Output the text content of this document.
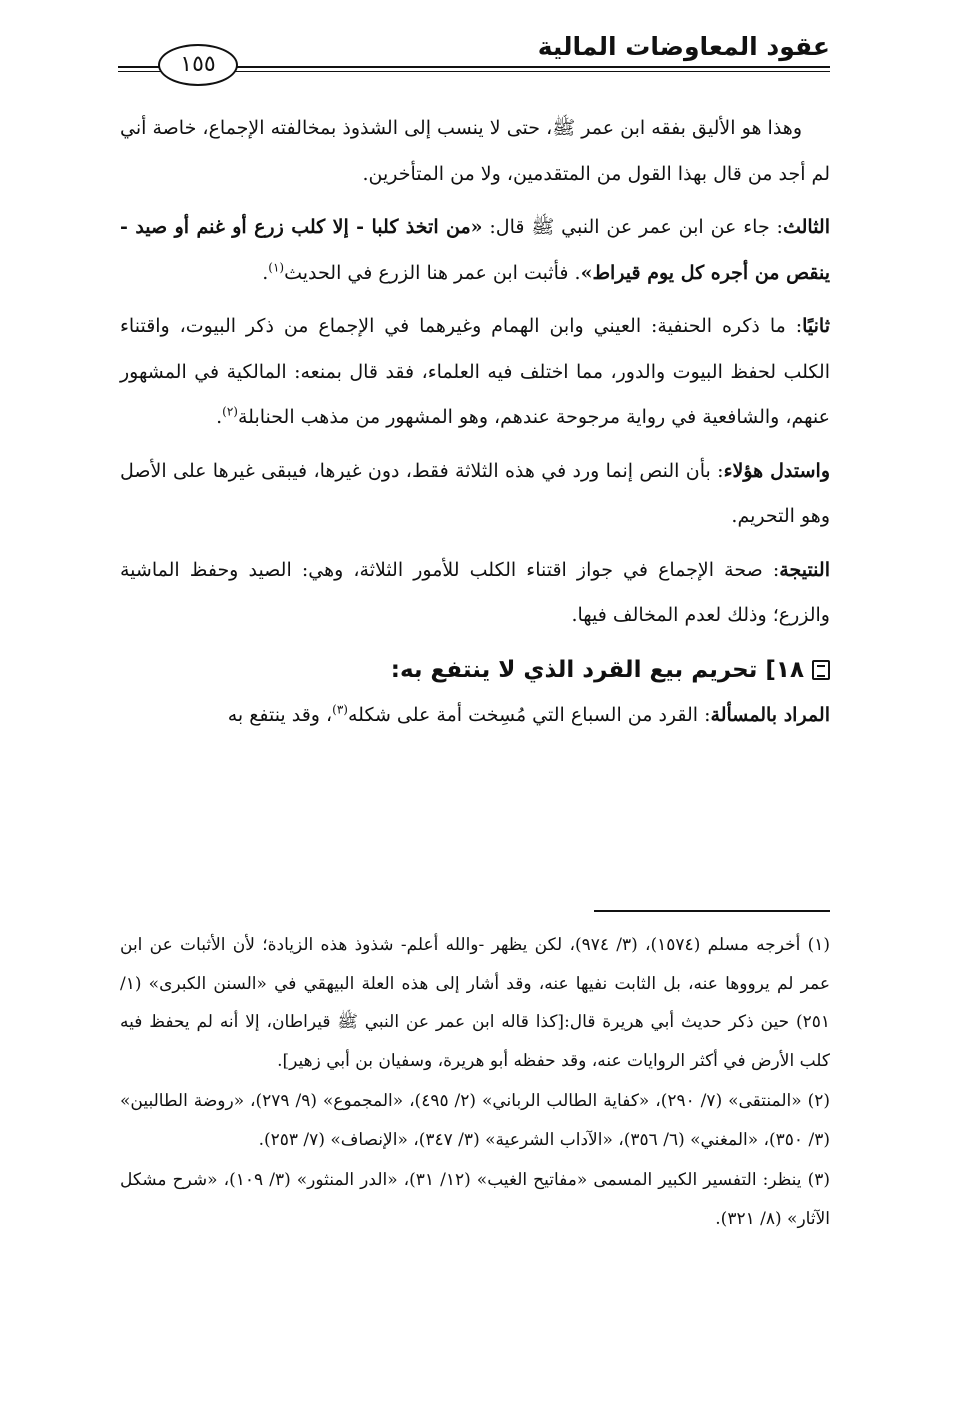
عقود المعاوضات المالية
١٥٥

وهذا هو الأليق بفقه ابن عمر ﷺ، حتى لا ينسب إلى الشذوذ بمخالفته الإجماع، خاصة أني لم أجد من قال بهذا القول من المتقدمين، ولا من المتأخرين.

الثالث: جاء عن ابن عمر عن النبي ﷺ قال: «من اتخذ كلبا - إلا كلب زرع أو غنم أو صيد - ينقص من أجره كل يوم قيراط». فأثبت ابن عمر هنا الزرع في الحديث$^{(١)}$.

ثانيًا: ما ذكره الحنفية: العيني وابن الهمام وغيرهما في الإجماع من ذكر البيوت، واقتناء الكلب لحفظ البيوت والدور، مما اختلف فيه العلماء، فقد قال بمنعه: المالكية في المشهور عنهم، والشافعية في رواية مرجوحة عندهم، وهو المشهور من مذهب الحنابلة$^{(٢)}$.

واستدل هؤلاء: بأن النص إنما ورد في هذه الثلاثة فقط، دون غيرها، فيبقى غيرها على الأصل وهو التحريم.

النتيجة: صحة الإجماع في جواز اقتناء الكلب للأمور الثلاثة، وهي: الصيد وحفظ الماشية والزرع؛ وذلك لعدم المخالف فيها.

١٨] تحريم بيع القرد الذي لا ينتفع به:

المراد بالمسألة: القرد من السباع التي مُسِخت أمة على شكله$^{(٣)}$، وقد ينتفع به

(١) أخرجه مسلم (١٥٧٤)، (٣/ ٩٧٤)، لكن يظهر -والله أعلم- شذوذ هذه الزيادة؛ لأن الأثبات عن ابن عمر لم يرووها عنه، بل الثابت نفيها عنه، وقد أشار إلى هذه العلة البيهقي في «السنن الكبرى» (١/ ٢٥١) حين ذكر حديث أبي هريرة قال:[كذا قاله ابن عمر عن النبي ﷺ قيراطان، إلا أنه لم يحفظ فيه كلب الأرض في أكثر الروايات عنه، وقد حفظه أبو هريرة، وسفيان بن أبي زهير].

(٢) «المنتقى» (٧/ ٢٩٠)، «كفاية الطالب الرباني» (٢/ ٤٩٥)، «المجموع» (٩/ ٢٧٩)، «روضة الطالبين» (٣/ ٣٥٠)، «المغني» (٦/ ٣٥٦)، «الآداب الشرعية» (٣/ ٣٤٧)، «الإنصاف» (٧/ ٢٥٣).

(٣) ينظر: التفسير الكبير المسمى «مفاتيح الغيب» (١٢/ ٣١)، «الدر المنثور» (٣/ ١٠٩)، «شرح مشكل الآثار» (٨/ ٣٢١).
